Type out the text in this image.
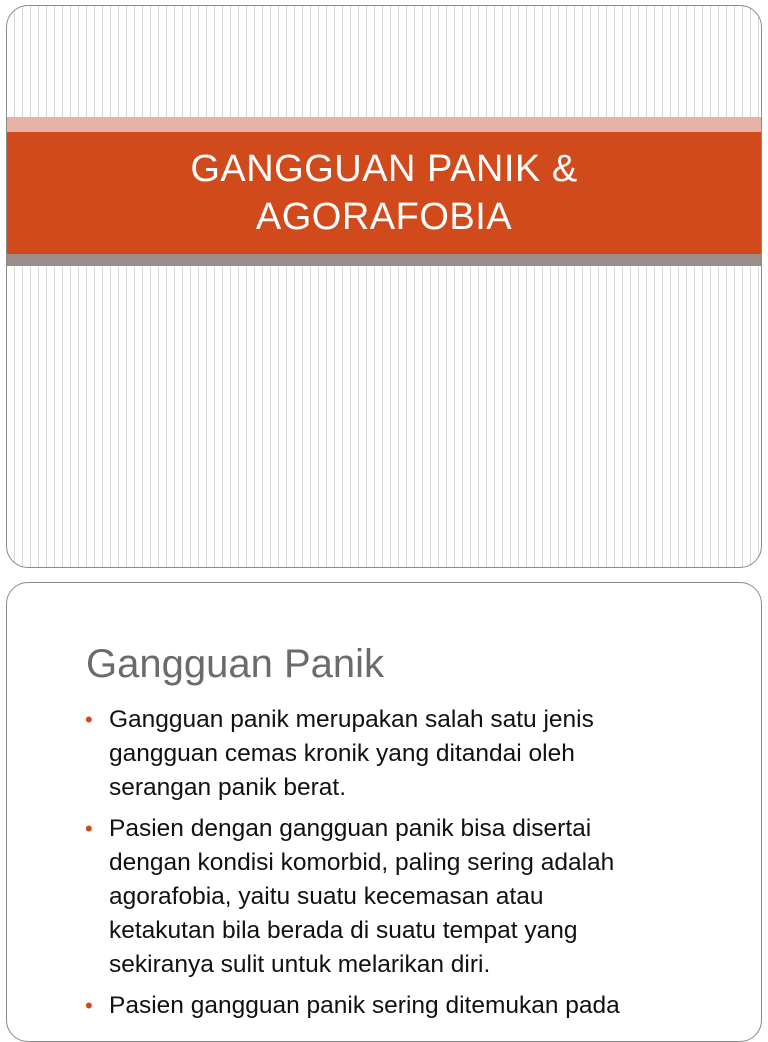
GANGGUAN PANIK &
AGORAFOBIA
Gangguan Panik
• Gangguan panik merupakan salah satu jenis
gangguan cemas kronik yang ditandai oleh
serangan panik berat.
• Pasien dengan gangguan panik bisa disertai
dengan kondisi komorbid, paling sering adalah
agorafobia, yaitu suatu kecemasan atau
ketakutan bila berada di suatu tempat yang
sekiranya sulit untuk melarikan diri.
• Pasien gangguan panik sering ditemukan pada
